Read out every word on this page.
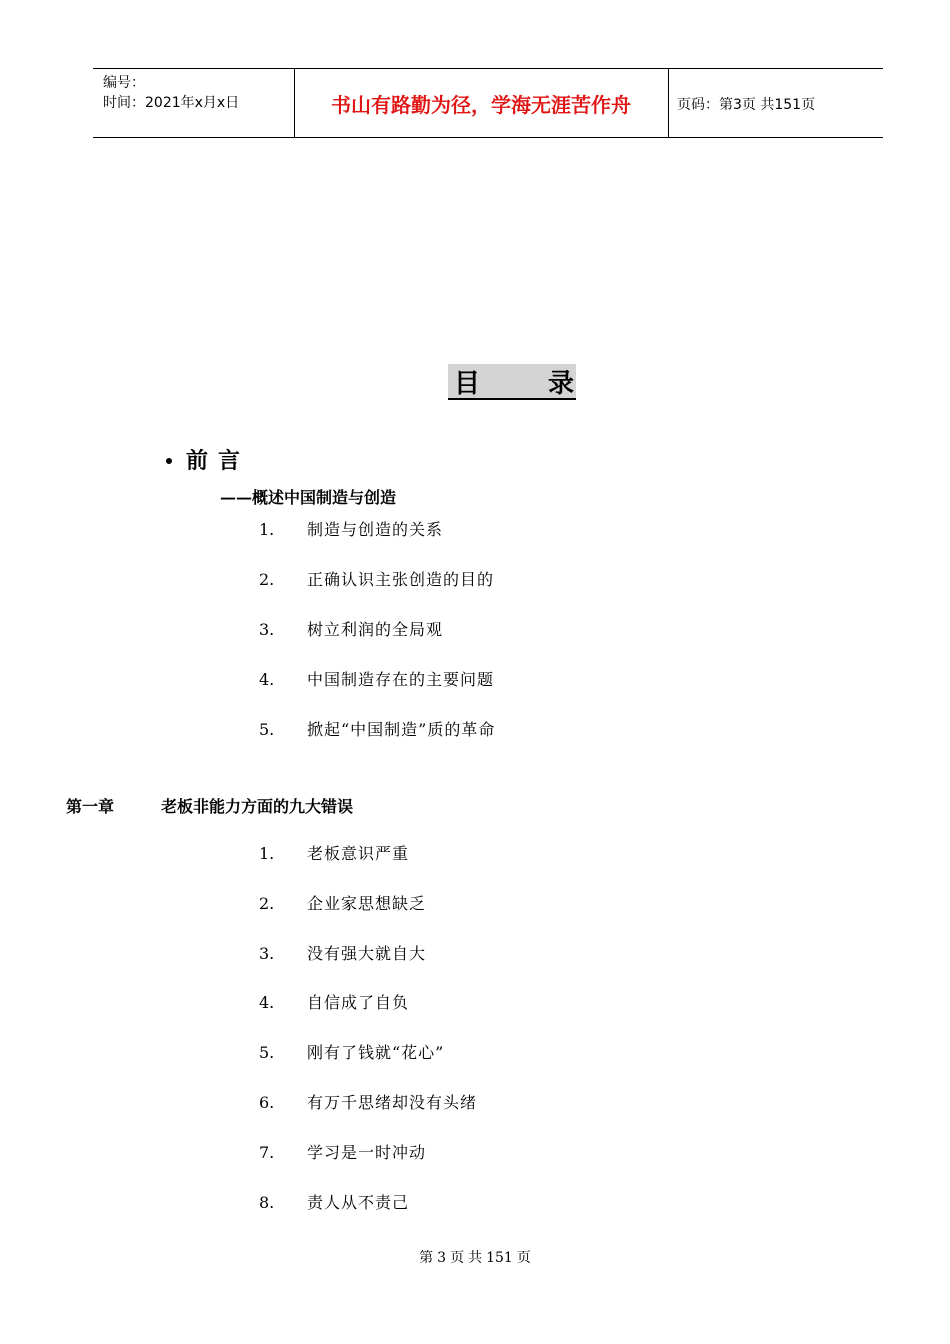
编号：
时间：2021年x月x日	书山有路勤为径，学海无涯苦作舟	页码：第3页 共151页
目	录
前言
——概述中国制造与创造
1. 制造与创造的关系
2. 正确认识主张创造的目的
3. 树立利润的全局观
4. 中国制造存在的主要问题
5. 掀起“中国制造”质的革命
第一章	老板非能力方面的九大错误
1. 老板意识严重
2. 企业家思想缺乏
3. 没有强大就自大
4. 自信成了自负
5. 刚有了钱就“花心”
6. 有万千思绪却没有头绪
7. 学习是一时冲动
8. 责人从不责己
第 3 页 共 151 页
